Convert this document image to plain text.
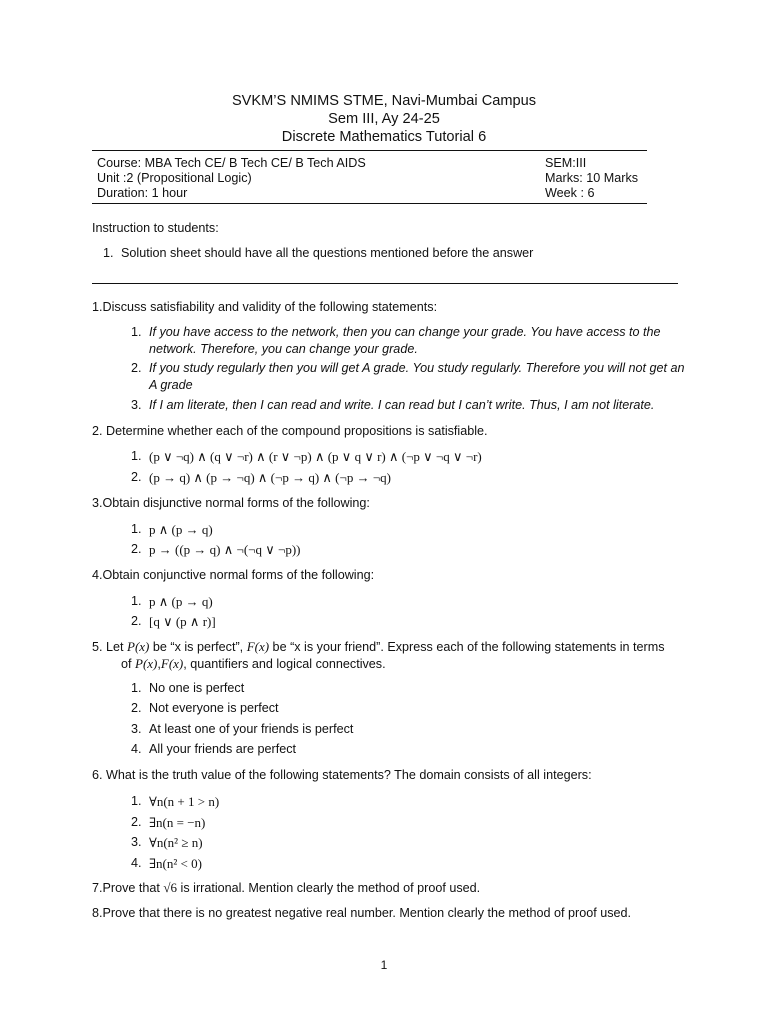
SVKM’S NMIMS STME, Navi-Mumbai Campus
Sem III, Ay 24-25
Discrete Mathematics Tutorial 6
Course: MBA Tech CE/ B Tech CE/ B Tech AIDS
Unit :2 (Propositional Logic)
Duration: 1 hour
SEM:III
Marks: 10 Marks
Week : 6
Instruction to students:
1. Solution sheet should have all the questions mentioned before the answer
1.Discuss satisfiability and validity of the following statements:
1. If you have access to the network, then you can change your grade. You have access to the network. Therefore, you can change your grade.
2. If you study regularly then you will get A grade. You study regularly. Therefore you will not get an A grade
3. If I am literate, then I can read and write. I can read but I can’t write. Thus, I am not literate.
2. Determine whether each of the compound propositions is satisfiable.
1. (p ∨ ¬q) ∧ (q ∨ ¬r) ∧ (r ∨ ¬p) ∧ (p ∨ q ∨ r) ∧ (¬p ∨ ¬q ∨ ¬r)
2. (p → q) ∧ (p → ¬q) ∧ (¬p → q) ∧ (¬p → ¬q)
3.Obtain disjunctive normal forms of the following:
1. p ∧ (p → q)
2. p → ((p → q) ∧ ¬(¬q ∨ ¬p))
4.Obtain conjunctive normal forms of the following:
1. p ∧ (p → q)
2. [q ∨ (p ∧ r)]
5. Let P(x) be “x is perfect”, F(x) be “x is your friend”. Express each of the following statements in terms
of P(x),F(x), quantifiers and logical connectives.
1. No one is perfect
2. Not everyone is perfect
3. At least one of your friends is perfect
4. All your friends are perfect
6. What is the truth value of the following statements? The domain consists of all integers:
1. ∀n(n + 1 > n)
2. ∃n(n = −n)
3. ∀n(n² ≥ n)
4. ∃n(n² < 0)
7.Prove that √6 is irrational. Mention clearly the method of proof used.
8.Prove that there is no greatest negative real number. Mention clearly the method of proof used.
1
